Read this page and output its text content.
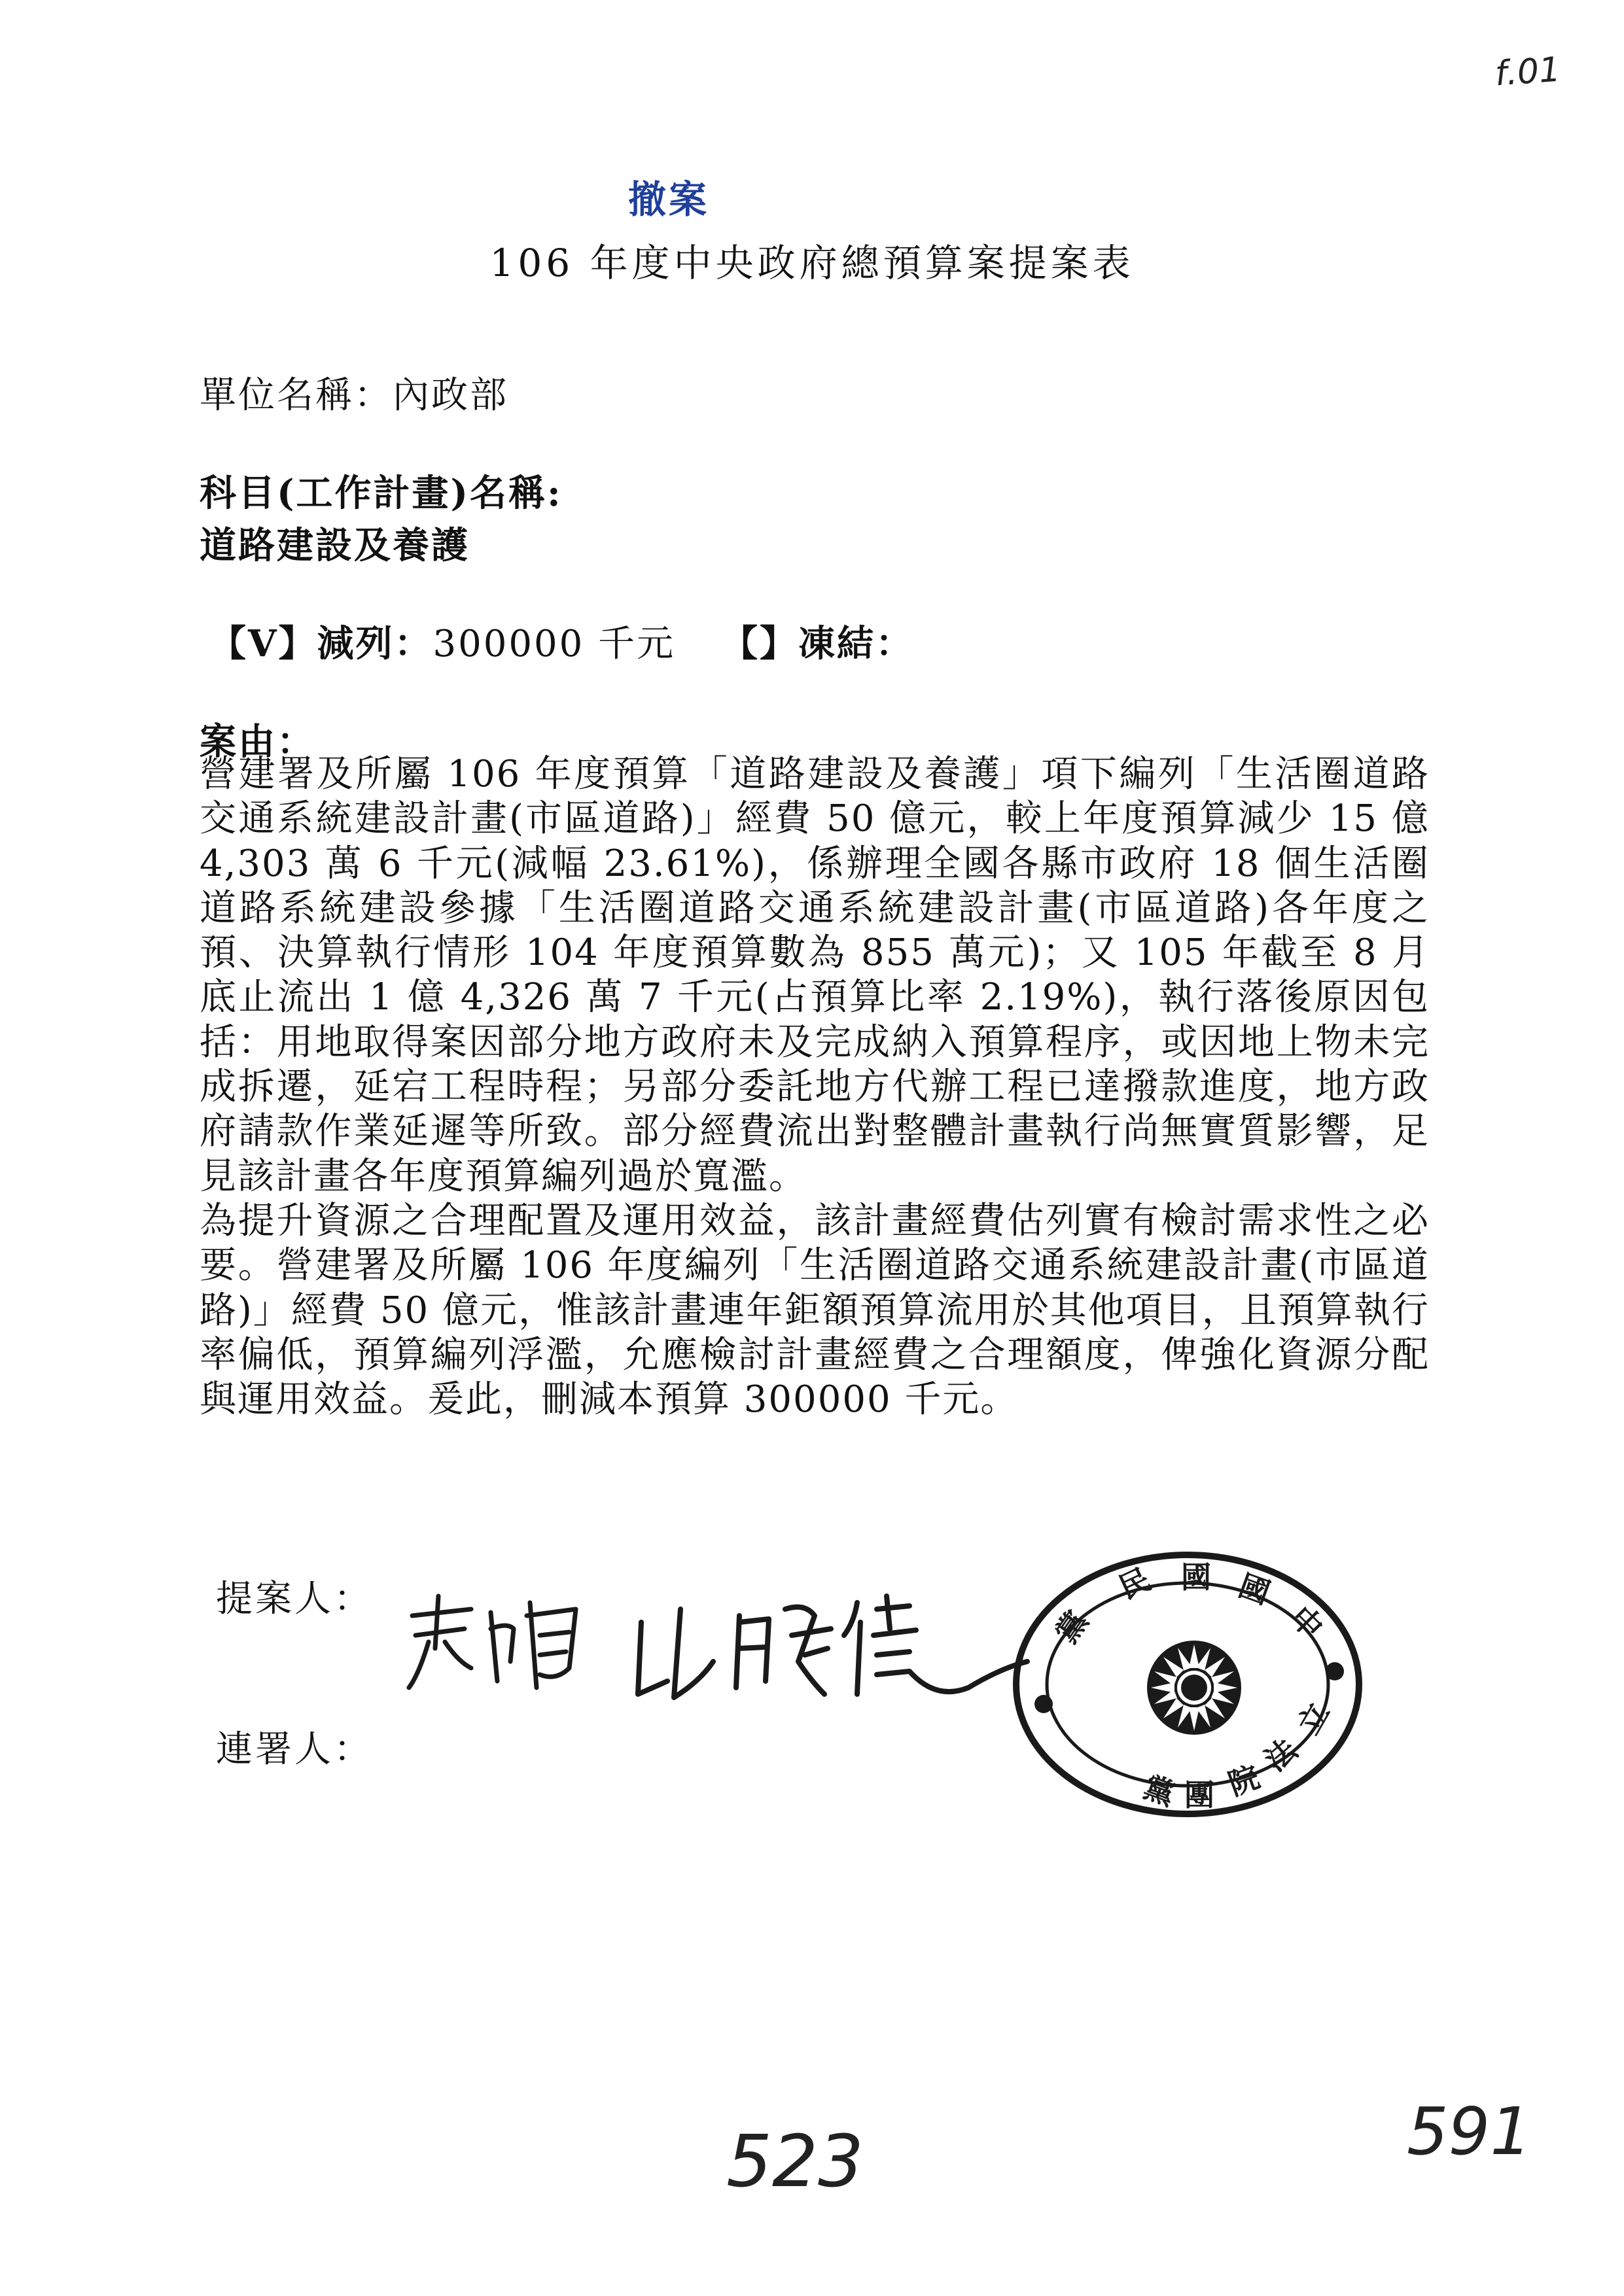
f.01
撤案
106 年度中央政府總預算案提案表
單位名稱：內政部
科目(工作計畫)名稱:
道路建設及養護
【V】減列：300000 千元 【】凍結：
案由：

營建署及所屬 106 年度預算「道路建設及養護」項下編列「生活圈道路交通系統建設計畫(市區道路)」經費 50 億元，較上年度預算減少 15 億 4,303 萬 6 千元(減幅 23.61%)，係辦理全國各縣市政府 18 個生活圈道路系統建設參據「生活圈道路交通系統建設計畫(市區道路)各年度之預、決算執行情形 104 年度預算數為 855 萬元)；又 105 年截至 8 月底止流出 1 億 4,326 萬 7 千元(占預算比率 2.19%)，執行落後原因包括：用地取得案因部分地方政府未及完成納入預算程序，或因地上物未完成拆遷，延宕工程時程；另部分委託地方代辦工程已達撥款進度，地方政府請款作業延遲等所致。部分經費流出對整體計畫執行尚無實質影響，足見該計畫各年度預算編列過於寬濫。

為提升資源之合理配置及運用效益，該計畫經費估列實有檢討需求性之必要。營建署及所屬 106 年度編列「生活圈道路交通系統建設計畫(市區道路)」經費 50 億元，惟該計畫連年鉅額預算流用於其他項目，且預算執行率偏低，預算編列浮濫，允應檢討計畫經費之合理額度，俾強化資源分配與運用效益。爰此，刪減本預算 300000 千元。

提案人：
連署人：
黨
民 國 國
中
團
黨 院
法
立
523	591
